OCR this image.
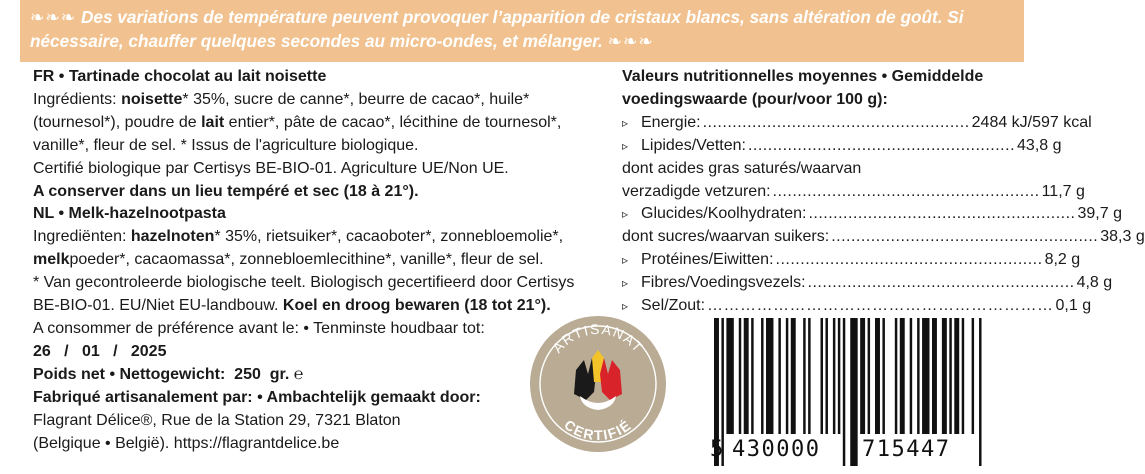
❧❧❧ Des variations de température peuvent provoquer l’apparition de cristaux blancs, sans altération de goût. Si nécessaire, chauffer quelques secondes au micro-ondes, et mélanger. ❧❧❧
FR • Tartinade chocolat au lait noisette
Ingrédients: noisette* 35%, sucre de canne*, beurre de cacao*, huile*
(tournesol*), poudre de lait entier*, pâte de cacao*, lécithine de tournesol*,
vanille*, fleur de sel. * Issus de l'agriculture biologique.
Certifié biologique par Certisys BE-BIO-01. Agriculture UE/Non UE.
A conserver dans un lieu tempéré et sec (18 à 21°).
NL • Melk-hazelnootpasta
Ingrediënten: hazelnoten* 35%, rietsuiker*, cacaoboter*, zonnebloemolie*,
melkpoeder*, cacaomassa*, zonnebloemlecithine*, vanille*, fleur de sel.
* Van gecontroleerde biologische teelt. Biologisch gecertifieerd door Certisys
BE-BIO-01. EU/Niet EU-landbouw. Koel en droog bewaren (18 tot 21°).
A consommer de préférence avant le: • Tenminste houdbaar tot:
26 / 01 / 2025
Poids net • Nettogewicht: 250 gr. ℮
Fabriqué artisanalement par: • Ambachtelijk gemaakt door:
Flagrant Délice®, Rue de la Station 29, 7321 Blaton
(Belgique • België). https://flagrantdelice.be
Valeurs nutritionnelles moyennes • Gemiddelde
voedingswaarde (pour/voor 100 g):
▹ Energie: ...................................................... 2484 kJ/597 kcal
▹ Lipides/Vetten: ...................................................... 43,8 g
dont acides gras saturés/waarvan
verzadigde vetzuren: ...................................................... 11,7 g
▹ Glucides/Koolhydraten: ...................................................... 39,7 g
dont sucres/waarvan suikers: ...................................................... 38,3 g
▹ Protéines/Eiwitten: ...................................................... 8,2 g
▹ Fibres/Voedingsvezels: ...................................................... 4,8 g
▹ Sel/Zout: ……………………………………………………… 0,1 g
ARTISANAT
CERTIFIÉ
5 430000 715447
